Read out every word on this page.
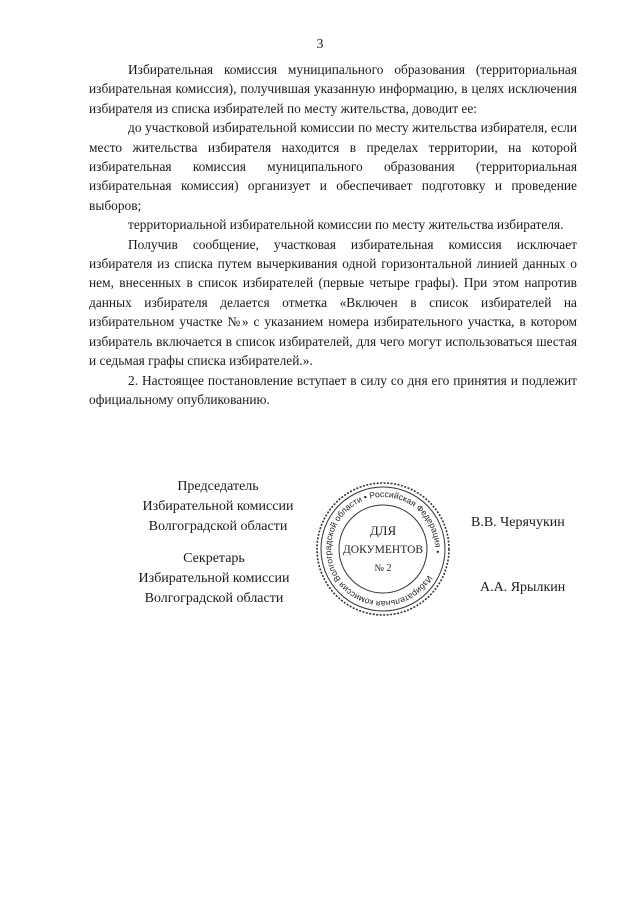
3

Избирательная комиссия муниципального образования (территориальная избирательная комиссия), получившая указанную информацию, в целях исключения избирателя из списка избирателей по месту жительства, доводит ее:

до участковой избирательной комиссии по месту жительства избирателя, если место жительства избирателя находится в пределах территории, на которой избирательная комиссия муниципального образования (территориальная избирательная комиссия) организует и обеспечивает подготовку и проведение выборов;

территориальной избирательной комиссии по месту жительства избирателя.

Получив сообщение, участковая избирательная комиссия исключает избирателя из списка путем вычеркивания одной горизонтальной линией данных о нем, внесенных в список избирателей (первые четыре графы). При этом напротив данных избирателя делается отметка «Включен в список избирателей на избирательном участке №» с указанием номера избирательного участка, в котором избиратель включается в список избирателей, для чего могут использоваться шестая и седьмая графы списка избирателей.».

2. Настоящее постановление вступает в силу со дня его принятия и подлежит официальному опубликованию.

Председатель
Избирательной комиссии
Волгоградской области	В.В. Черячукин
Секретарь
Избирательной комиссии
Волгоградской области
А.А. Ярылкин
Избирательная комиссия Волгоградской области • Российская Федерация •
ДЛЯ
ДОКУМЕНТОВ
№ 2
